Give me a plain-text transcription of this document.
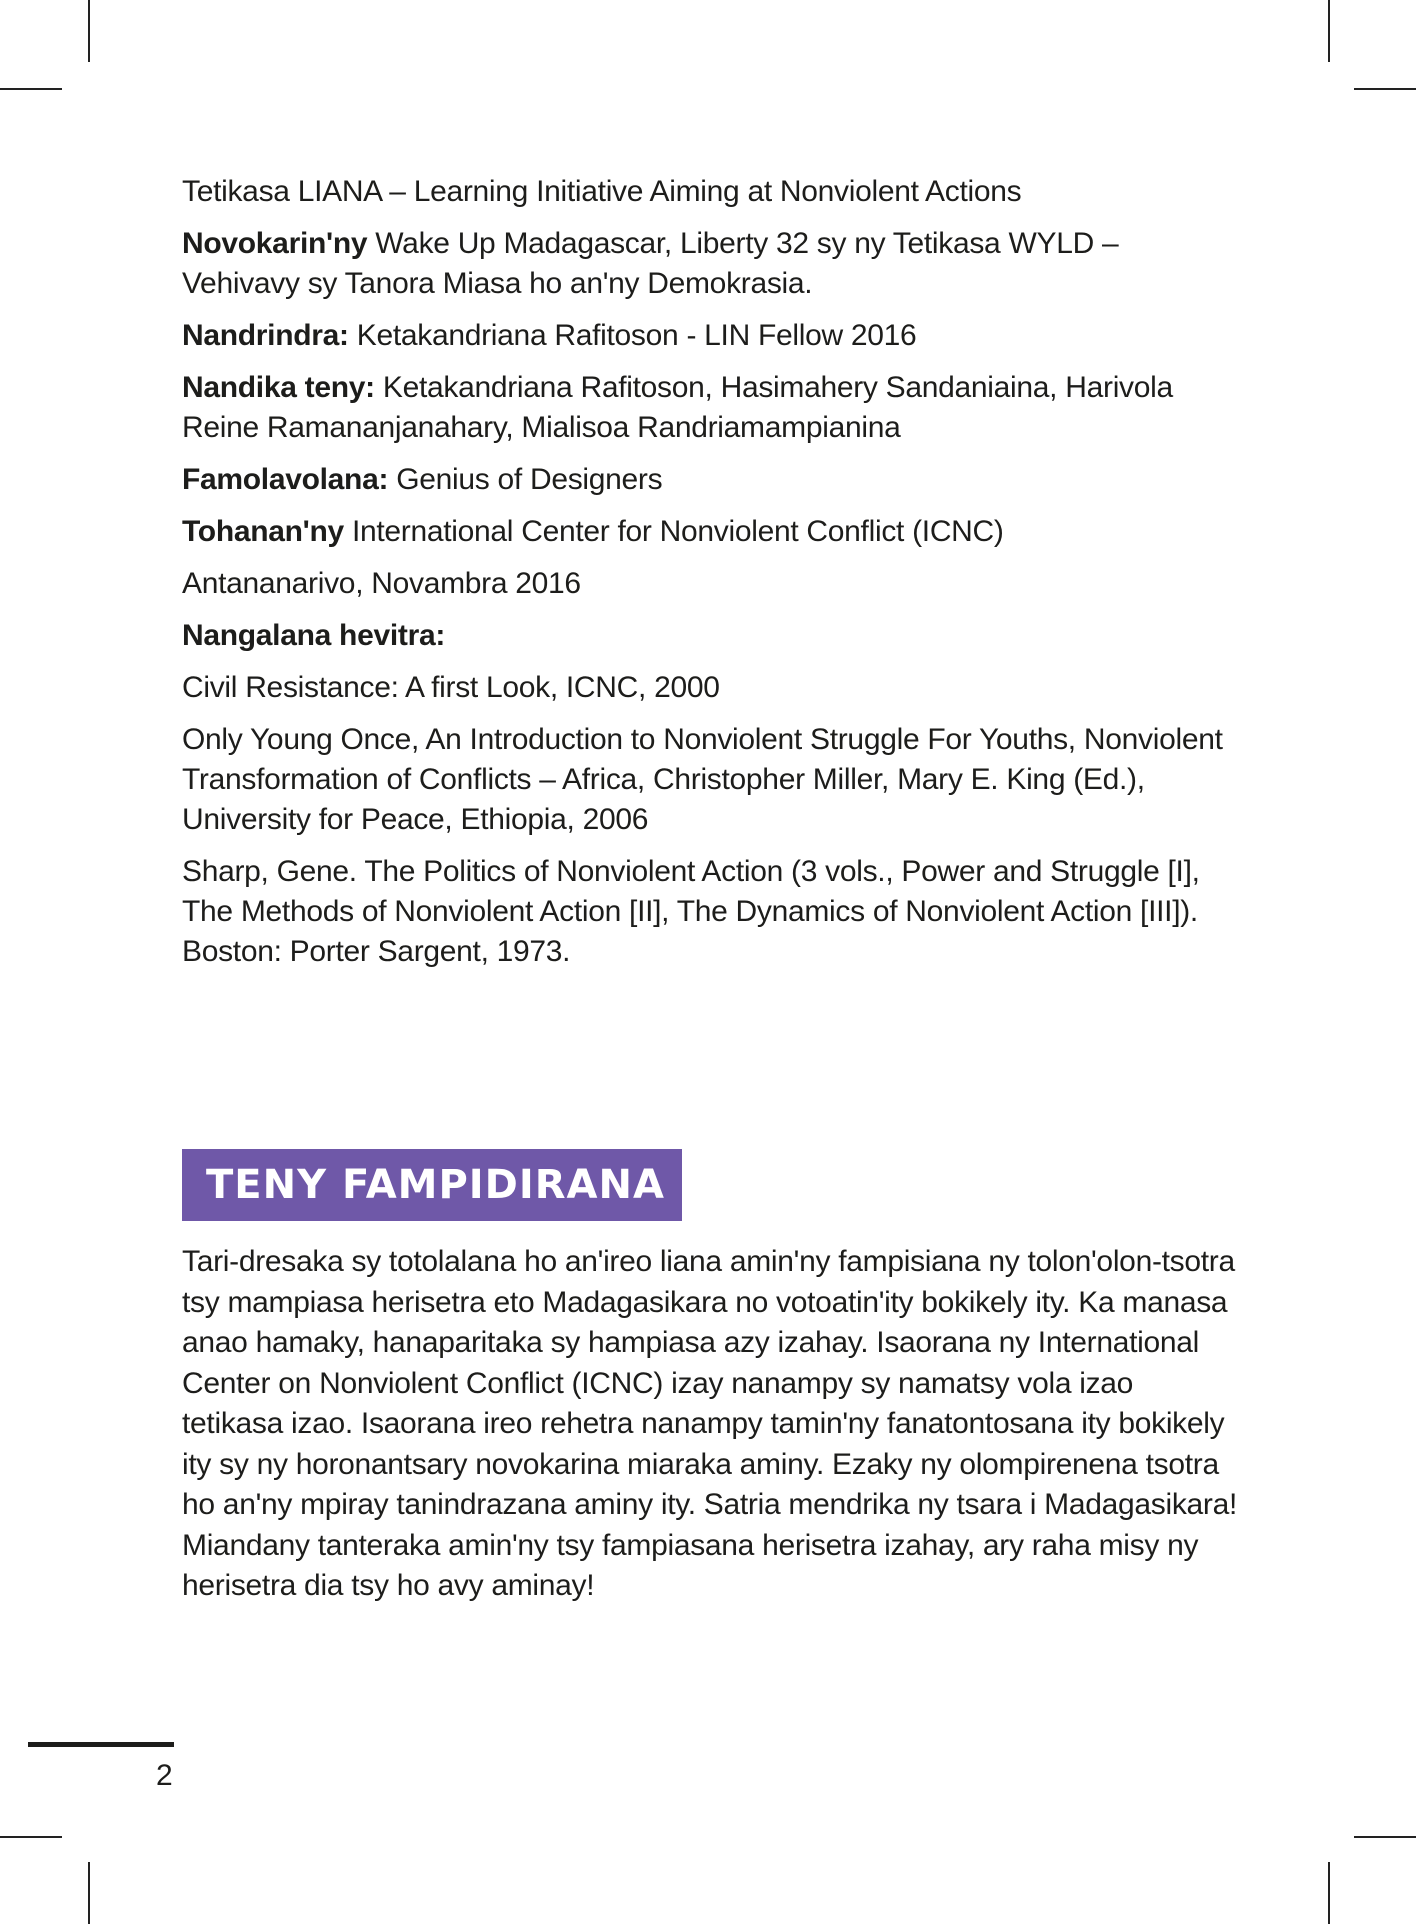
Tetikasa LIANA – Learning Initiative Aiming at Nonviolent Actions

Novokarin'ny Wake Up Madagascar, Liberty 32 sy ny Tetikasa WYLD – Vehivavy sy Tanora Miasa ho an'ny Demokrasia.

Nandrindra: Ketakandriana Rafitoson - LIN Fellow 2016

Nandika teny: Ketakandriana Rafitoson, Hasimahery Sandaniaina, Harivola Reine Ramananjanahary, Mialisoa Randriamampianina

Famolavolana: Genius of Designers

Tohanan'ny International Center for Nonviolent Conflict (ICNC)

Antananarivo, Novambra 2016

Nangalana hevitra:

Civil Resistance: A first Look, ICNC, 2000

Only Young Once, An Introduction to Nonviolent Struggle For Youths, Nonviolent Transformation of Conflicts – Africa, Christopher Miller, Mary E. King (Ed.), University for Peace, Ethiopia, 2006

Sharp, Gene. The Politics of Nonviolent Action (3 vols., Power and Struggle [I], The Methods of Nonviolent Action [II], The Dynamics of Nonviolent Action [III]). Boston: Porter Sargent, 1973.

TENY FAMPIDIRANA

Tari-dresaka sy totolalana ho an'ireo liana amin'ny fampisiana ny tolon'olon-tsotra tsy mampiasa herisetra eto Madagasikara no votoatin'ity bokikely ity. Ka manasa anao hamaky, hanaparitaka sy hampiasa azy izahay. Isaorana ny International Center on Nonviolent Conflict (ICNC) izay nanampy sy namatsy vola izao tetikasa izao. Isaorana ireo rehetra nanampy tamin'ny fanatontosana ity bokikely ity sy ny horonantsary novokarina miaraka aminy. Ezaky ny olompirenena tsotra ho an'ny mpiray tanindrazana aminy ity. Satria mendrika ny tsara i Madagasikara! Miandany tanteraka amin'ny tsy fampiasana herisetra izahay, ary raha misy ny herisetra dia tsy ho avy aminay!

2
